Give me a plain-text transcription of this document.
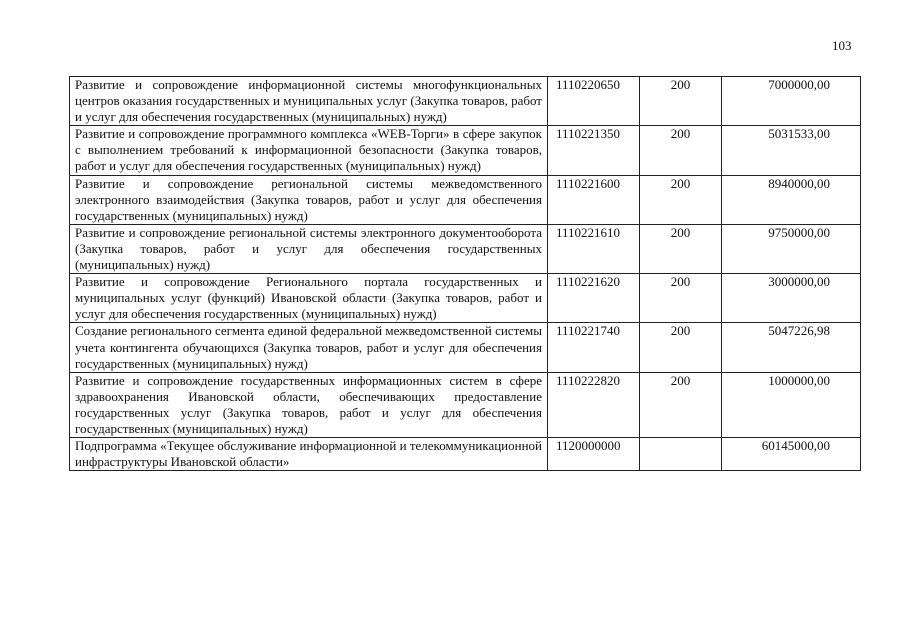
103
Развитие и сопровождение информационной системы многофункциональных центров оказания государственных и муниципальных услуг (Закупка товаров, работ и услуг для обеспечения государственных (муниципальных) нужд)	1110220650	200	7000000,00
Развитие и сопровождение программного комплекса «WEB-Торги» в сфере закупок с выполнением требований к информационной безопасности (Закупка товаров, работ и услуг для обеспечения государственных (муниципальных) нужд)	1110221350	200	5031533,00
Развитие и сопровождение региональной системы межведомственного электронного взаимодействия (Закупка товаров, работ и услуг для обеспечения государственных (муниципальных) нужд)	1110221600	200	8940000,00
Развитие и сопровождение региональной системы электронного документооборота (Закупка товаров, работ и услуг для обеспечения государственных (муниципальных) нужд)	1110221610	200	9750000,00
Развитие и сопровождение Регионального портала государственных и муниципальных услуг (функций) Ивановской области (Закупка товаров, работ и услуг для обеспечения государственных (муниципальных) нужд)	1110221620	200	3000000,00
Создание регионального сегмента единой федеральной межведомственной системы учета контингента обучающихся (Закупка товаров, работ и услуг для обеспечения государственных (муниципальных) нужд)	1110221740	200	5047226,98
Развитие и сопровождение государственных информационных систем в сфере здравоохранения Ивановской области, обеспечивающих предоставление государственных услуг (Закупка товаров, работ и услуг для обеспечения государственных (муниципальных) нужд)	1110222820	200	1000000,00
Подпрограмма «Текущее обслуживание информационной и телекоммуникационной инфраструктуры Ивановской области»	1120000000		60145000,00
